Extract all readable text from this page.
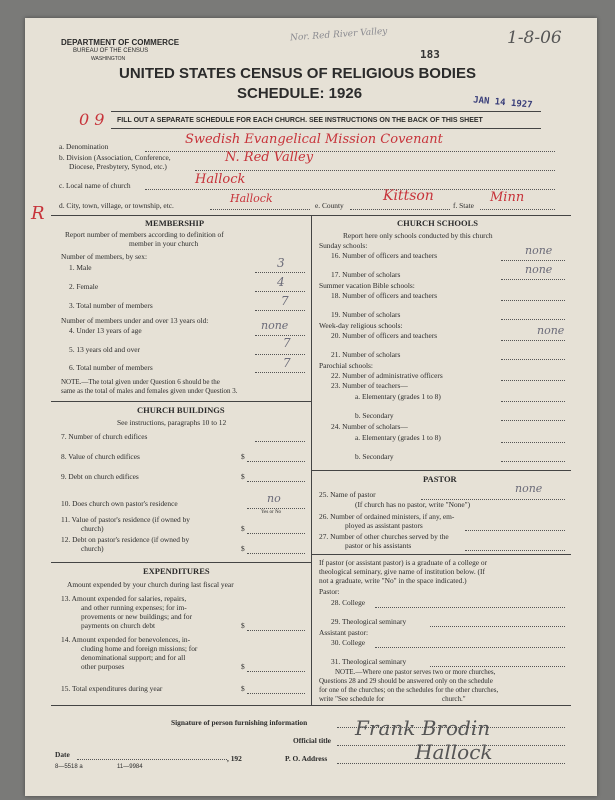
DEPARTMENT OF COMMERCE
BUREAU OF THE CENSUS
WASHINGTON
UNITED STATES CENSUS OF RELIGIOUS BODIES
SCHEDULE: 1926
FILL OUT A SEPARATE SCHEDULE FOR EACH CHURCH. SEE INSTRUCTIONS ON THE BACK OF THIS SHEET
Nor. Red River Valley	1-8-06
183
JAN 14 1927
0 9
R
a. Denomination	Swedish Evangelical Mission Covenant
b. Division (Association, Conference,
Diocese, Presbytery, Synod, etc.)
N. Red Valley
c. Local name of church	Hallock
d. City, town, village, or township, etc.
Hallock
e. County
Kittson
f. State
Minn
MEMBERSHIP
Report number of members according to definition of
member in your church
Number of members, by sex:
1. Male	3
2. Female	4
3. Total number of members	7
Number of members under and over 13 years old:
4. Under 13 years of age	none
5. 13 years old and over	7
6. Total number of members	7
NOTE.—The total given under Question 6 should be the
same as the total of males and females given under Question 3.
CHURCH BUILDINGS
See instructions, paragraphs 10 to 12
7. Number of church edifices
8. Value of church edifices	$
9. Debt on church edifices	$
10. Does church own pastor's residence	no
Yes or No
11. Value of pastor's residence (if owned by
church)	$
12. Debt on pastor's residence (if owned by
church)	$
EXPENDITURES
Amount expended by your church during last fiscal year
13. Amount expended for salaries, repairs,
and other running expenses; for im-
provements or new buildings; and for
payments on church debt	$
14. Amount expended for benevolences, in-
cluding home and foreign missions; for
denominational support; and for all
other purposes	$
15. Total expenditures during year	$
CHURCH SCHOOLS
Report here only schools conducted by this church
Sunday schools:
16. Number of officers and teachers	none
17. Number of scholars	none
Summer vacation Bible schools:
18. Number of officers and teachers
19. Number of scholars
Week-day religious schools:
20. Number of officers and teachers	none
21. Number of scholars
Parochial schools:
22. Number of administrative officers
23. Number of teachers—
a. Elementary (grades 1 to 8)
b. Secondary
24. Number of scholars—
a. Elementary (grades 1 to 8)
b. Secondary
PASTOR
25. Name of pastor	none
(If church has no pastor, write "None")
26. Number of ordained ministers, if any, em-
ployed as assistant pastors
27. Number of other churches served by the
pastor or his assistants
If pastor (or assistant pastor) is a graduate of a college or
theological seminary, give name of institution below. (If
not a graduate, write "No" in the space indicated.)
Pastor:
28. College
29. Theological seminary
Assistant pastor:
30. College
31. Theological seminary
NOTE.—Where one pastor serves two or more churches,
Questions 28 and 29 should be answered only on the schedule
for one of the churches; on the schedules for the other churches,
write "See schedule for                                 church."
Signature of person furnishing information
Official title
Frank Brodin
Date	, 192	P. O. Address	Hallock
8—5518 a	11—9984
